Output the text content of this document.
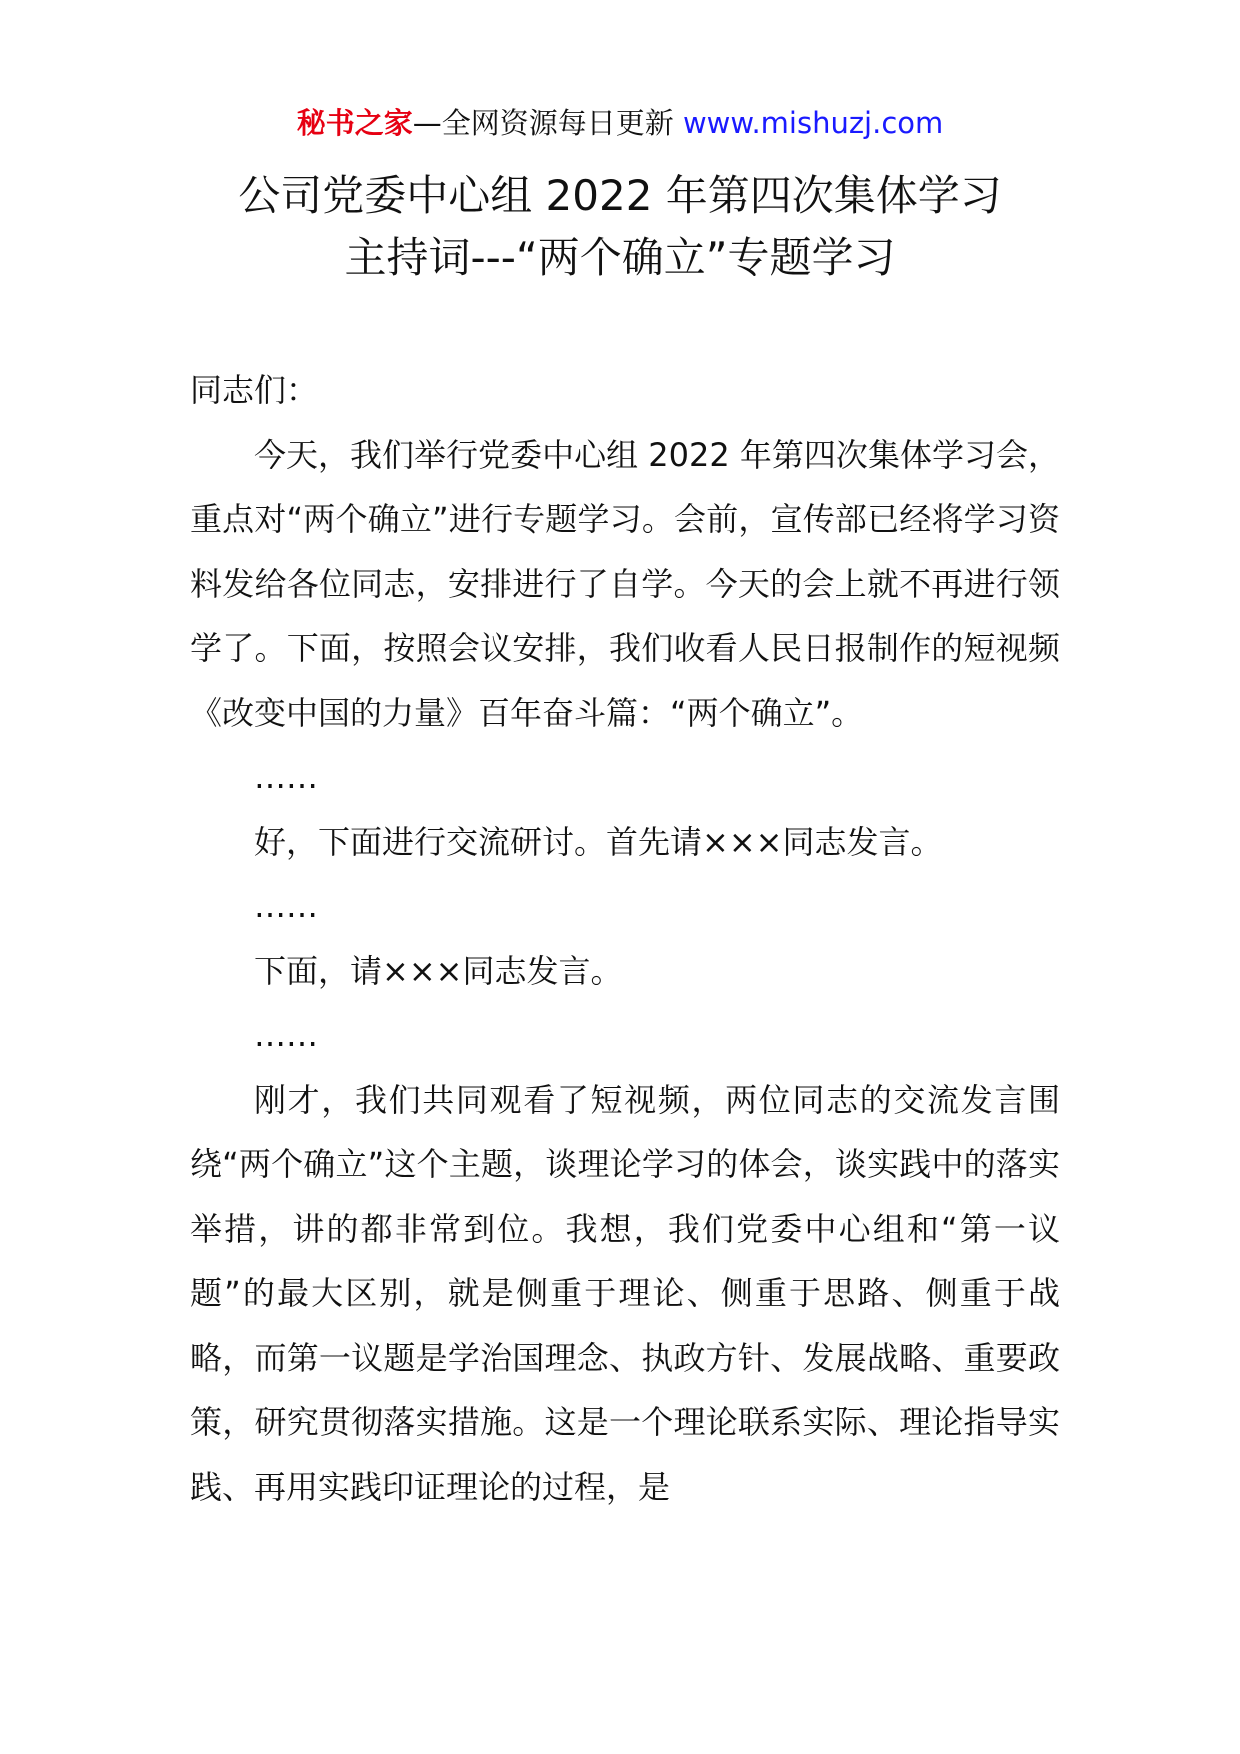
秘书之家—全网资源每日更新 www.mishuzj.com
公司党委中心组 2022 年第四次集体学习
主持词---“两个确立”专题学习

同志们：

今天，我们举行党委中心组 2022 年第四次集体学习会，重点对“两个确立”进行专题学习。会前，宣传部已经将学习资料发给各位同志，安排进行了自学。今天的会上就不再进行领学了。下面，按照会议安排，我们收看人民日报制作的短视频《改变中国的力量》百年奋斗篇：“两个确立”。

……

好，下面进行交流研讨。首先请×××同志发言。

……

下面，请×××同志发言。

……

刚才，我们共同观看了短视频，两位同志的交流发言围绕“两个确立”这个主题，谈理论学习的体会，谈实践中的落实举措，讲的都非常到位。我想，我们党委中心组和“第一议题”的最大区别，就是侧重于理论、侧重于思路、侧重于战略，而第一议题是学治国理念、执政方针、发展战略、重要政策，研究贯彻落实措施。这是一个理论联系实际、理论指导实践、再用实践印证理论的过程，是
